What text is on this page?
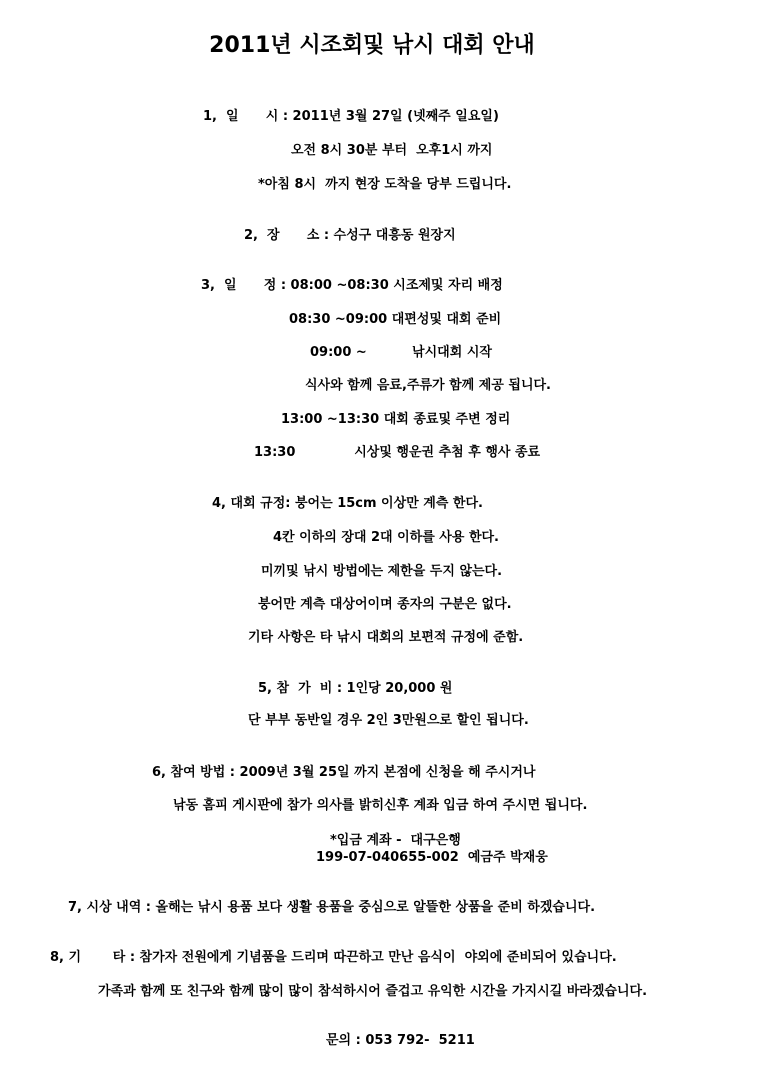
2011년 시조회및 낚시 대회 안내
1,  일      시 : 2011년 3월 27일 (넷째주 일요일)
오전 8시 30분 부터  오후1시 까지
*아침 8시  까지 현장 도착을 당부 드립니다.
2,  장      소 : 수성구 대흥동 원장지
3,  일      정 : 08:00 ~08:30 시조제및 자리 배정
08:30 ~09:00 대편성및 대회 준비
09:00 ~          낚시대회 시작
식사와 함께 음료,주류가 함께 제공 됩니다.
13:00 ~13:30 대회 종료및 주변 정리
13:30             시상및 행운권 추첨 후 행사 종료
4, 대회 규정: 붕어는 15cm 이상만 계측 한다.
4칸 이하의 장대 2대 이하를 사용 한다.
미끼및 낚시 방법에는 제한을 두지 않는다.
붕어만 계측 대상어이며 종자의 구분은 없다.
기타 사항은 타 낚시 대회의 보편적 규정에 준함.
5, 참  가  비 : 1인당 20,000 원
단 부부 동반일 경우 2인 3만원으로 할인 됩니다.
6, 참여 방법 : 2009년 3월 25일 까지 본점에 신청을 해 주시거나
낚동 홈피 게시판에 참가 의사를 밝히신후 계좌 입금 하여 주시면 됩니다.
*입금 계좌 -  대구은행
199-07-040655-002  예금주 박재웅
7, 시상 내역 : 올해는 낚시 용품 보다 생활 용품을 중심으로 알뜰한 상품을 준비 하겠습니다.
8, 기       타 : 참가자 전원에게 기념품을 드리며 따끈하고 만난 음식이  야외에 준비되어 있습니다.
가족과 함께 또 친구와 함께 많이 많이 참석하시어 즐겁고 유익한 시간을 가지시길 바라겠습니다.
문의 : 053 792-  5211
